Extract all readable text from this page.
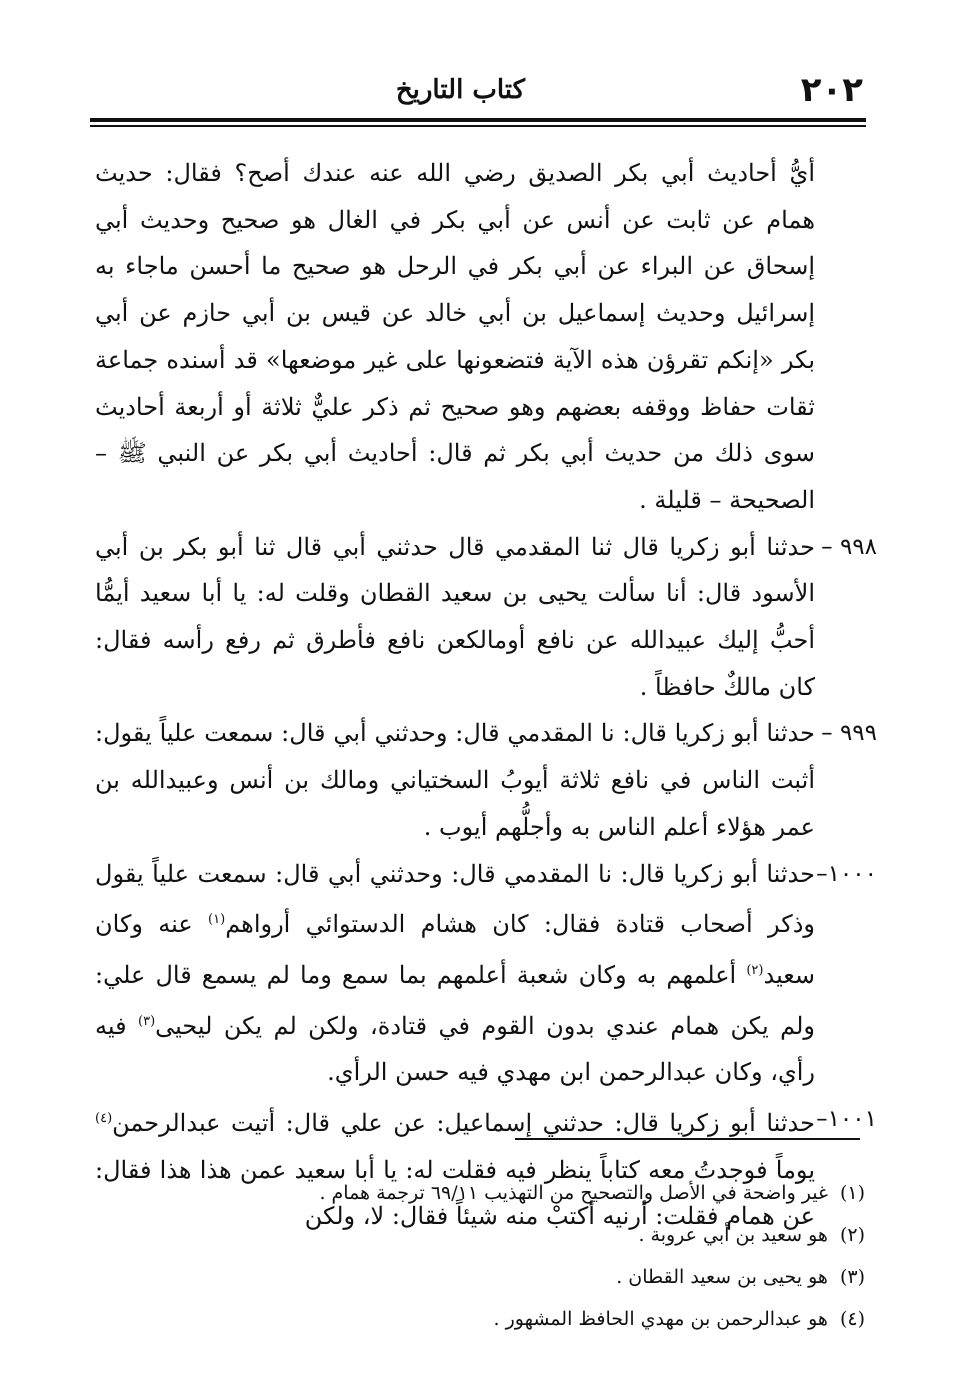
٢٠٢
كتاب التاريخ

أيُّ أحاديث أبي بكر الصديق رضي الله عنه عندك أصح؟ فقال: حديث همام عن ثابت عن أنس عن أبي بكر في الغال هو صحيح وحديث أبي إسحاق عن البراء عن أبي بكر في الرحل هو صحيح ما أحسن ماجاء به إسرائيل وحديث إسماعيل بن أبي خالد عن قيس بن أبي حازم عن أبي بكر «إنكم تقرؤن هذه الآية فتضعونها على غير موضعها» قد أسنده جماعة ثقات حفاظ ووقفه بعضهم وهو صحيح ثم ذكر عليٌّ ثلاثة أو أربعة أحاديث سوى ذلك من حديث أبي بكر ثم قال: أحاديث أبي بكر عن النبي ﷺ – الصحيحة – قليلة .

٩٩٨ –
حدثنا أبو زكريا قال ثنا المقدمي قال حدثني أبي قال ثنا أبو بكر بن أبي الأسود قال: أنا سألت يحيى بن سعيد القطان وقلت له: يا أبا سعيد أيمُّا أحبُّ إليك عبيدالله عن نافع أومالكعن نافع فأطرق ثم رفع رأسه فقال: كان مالكٌ حافظاً .

٩٩٩ –
حدثنا أبو زكريا قال: نا المقدمي قال: وحدثني أبي قال: سمعت علياً يقول: أثبت الناس في نافع ثلاثة أيوبُ السختياني ومالك بن أنس وعبيدالله بن عمر هؤلاء أعلم الناس به وأجلُّهم أيوب .

١٠٠٠–
حدثنا أبو زكريا قال: نا المقدمي قال: وحدثني أبي قال: سمعت علياً يقول وذكر أصحاب قتادة فقال: كان هشام الدستوائي أرواهم$^{(١)}$ عنه وكان سعيد$^{(٢)}$ أعلمهم به وكان شعبة أعلمهم بما سمع وما لم يسمع قال علي: ولم يكن همام عندي بدون القوم في قتادة، ولكن لم يكن ليحيى$^{(٣)}$ فيه رأي، وكان عبدالرحمن ابن مهدي فيه حسن الرأي.

١٠٠١–
حدثنا أبو زكريا قال: حدثني إسماعيل: عن علي قال: أتيت عبدالرحمن$^{(٤)}$ يوماً فوجدتُ معه كتاباً ينظر فيه فقلت له: يا أبا سعيد عمن هذا هذا فقال: عن همام فقلت: أرنيه أكتبْ منه شيئاً فقال: لا، ولكن

(١)غير واضحة في الأصل والتصحيح من التهذيب ٦٩/١١ ترجمة همام .

(٢)هو سعيد بن أبي عروبة .

(٣)هو يحيى بن سعيد القطان .

(٤)هو عبدالرحمن بن مهدي الحافظ المشهور .
